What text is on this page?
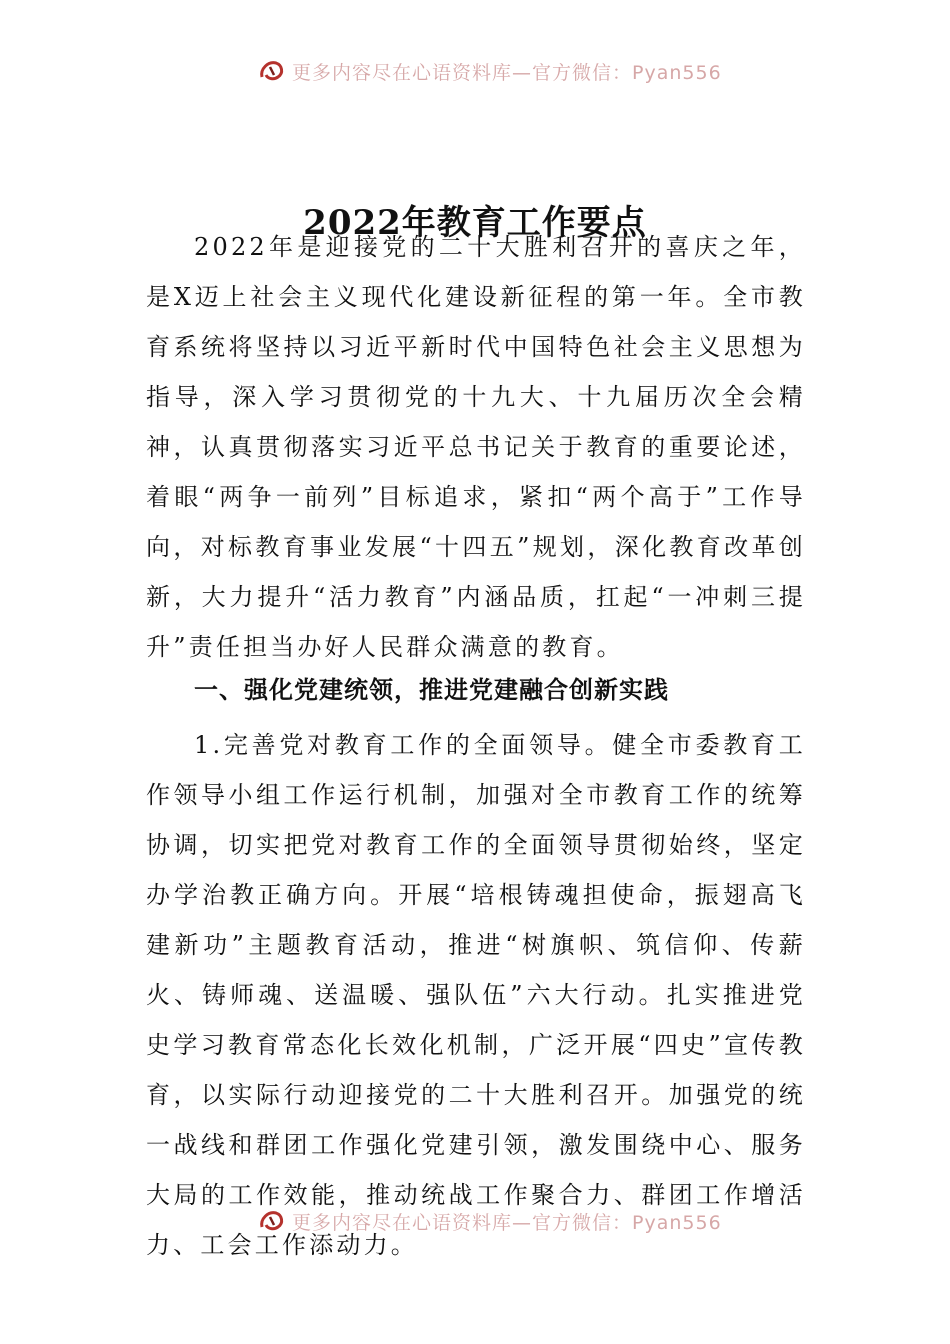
更多内容尽在心语资料库—官方微信：Pyan556
2022年教育工作要点

2022年是迎接党的二十大胜利召开的喜庆之年，是X迈上社会主义现代化建设新征程的第一年。全市教育系统将坚持以习近平新时代中国特色社会主义思想为指导，深入学习贯彻党的十九大、十九届历次全会精神，认真贯彻落实习近平总书记关于教育的重要论述，着眼“两争一前列”目标追求，紧扣“两个高于”工作导向，对标教育事业发展“十四五”规划，深化教育改革创新，大力提升“活力教育”内涵品质，扛起“一冲刺三提升”责任担当办好人民群众满意的教育。

一、强化党建统领，推进党建融合创新实践

1.完善党对教育工作的全面领导。健全市委教育工作领导小组工作运行机制，加强对全市教育工作的统筹协调，切实把党对教育工作的全面领导贯彻始终，坚定办学治教正确方向。开展“培根铸魂担使命，振翅高飞建新功”主题教育活动，推进“树旗帜、筑信仰、传薪火、铸师魂、送温暖、强队伍”六大行动。扎实推进党史学习教育常态化长效化机制，广泛开展“四史”宣传教育，以实际行动迎接党的二十大胜利召开。加强党的统一战线和群团工作强化党建引领，激发围绕中心、服务大局的工作效能，推动统战工作聚合力、群团工作增活力、工会工作添动力。

更多内容尽在心语资料库—官方微信：Pyan556
